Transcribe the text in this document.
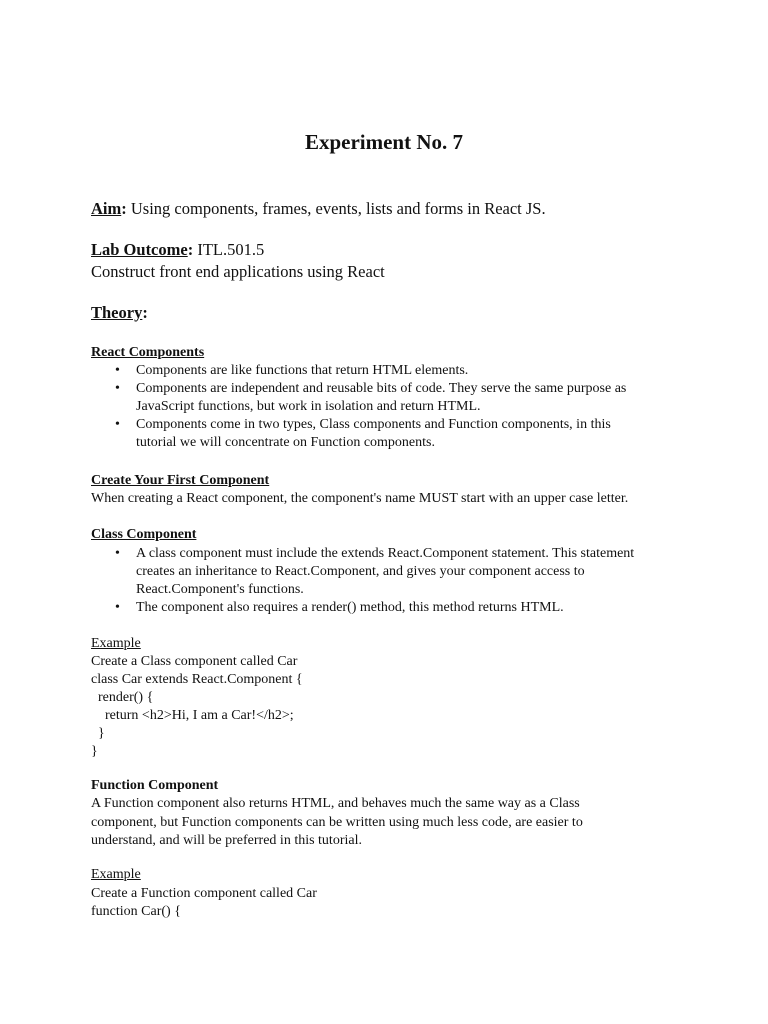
Experiment No. 7

Aim: Using components, frames, events, lists and forms in React JS.

Lab Outcome: ITL.501.5

Construct front end applications using React

Theory:

React Components

• Components are like functions that return HTML elements.
• Components are independent and reusable bits of code. They serve the same purpose as
JavaScript functions, but work in isolation and return HTML.
• Components come in two types, Class components and Function components, in this
tutorial we will concentrate on Function components.

Create Your First Component

When creating a React component, the component's name MUST start with an upper case letter.

Class Component

• A class component must include the extends React.Component statement. This statement
creates an inheritance to React.Component, and gives your component access to
React.Component's functions.
• The component also requires a render() method, this method returns HTML.

Example

Create a Class component called Car

class Car extends React.Component {

render() {

return <h2>Hi, I am a Car!</h2>;

}

}

Function Component

A Function component also returns HTML, and behaves much the same way as a Class

component, but Function components can be written using much less code, are easier to

understand, and will be preferred in this tutorial.

Example

Create a Function component called Car

function Car() {
